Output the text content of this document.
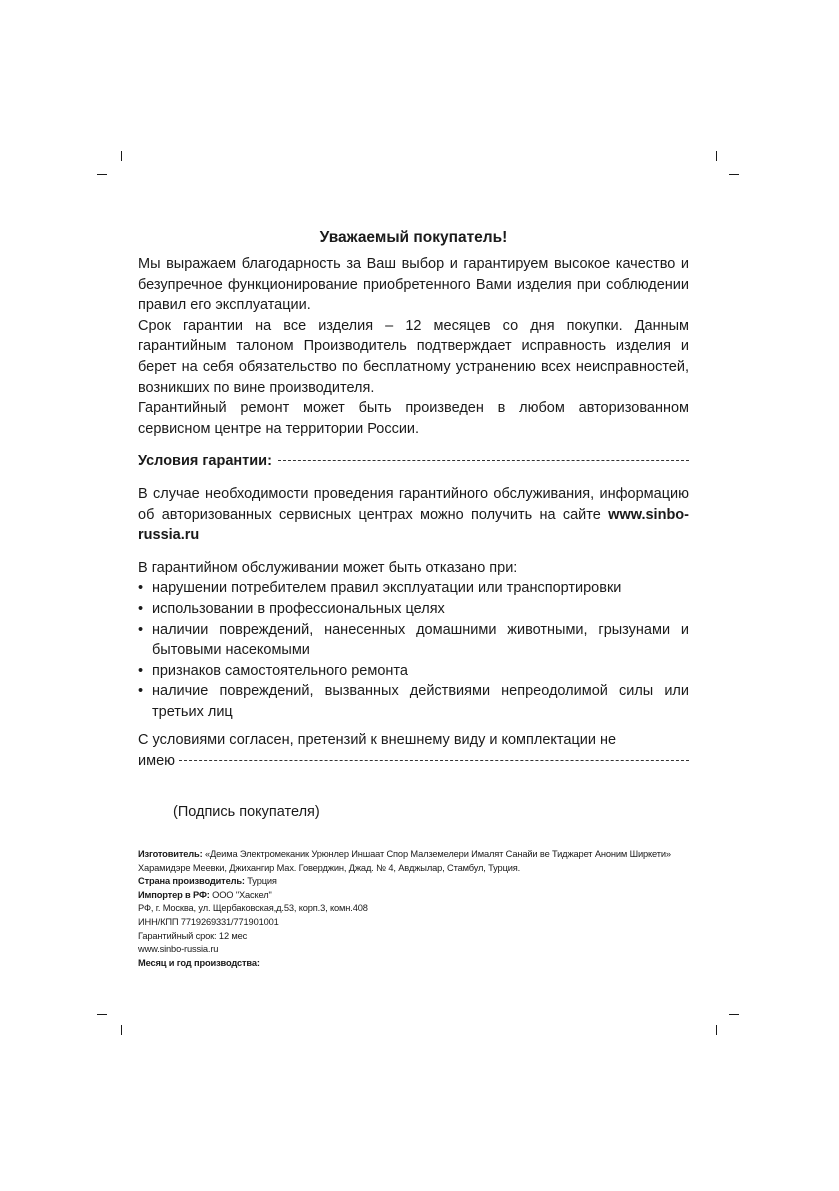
Уважаемый покупатель!

Мы выражаем благодарность за Ваш выбор и гарантируем высокое качество и безупречное функционирование приобретенного Вами изделия при соблюдении правил его эксплуатации.

Срок гарантии на все изделия – 12 месяцев со дня покупки. Данным гарантийным талоном Производитель подтверждает исправность изделия и берет на себя обязательство по бесплатному устранению всех неисправностей, возникших по вине производителя.

Гарантийный ремонт может быть произведен в любом авторизованном сервисном центре на территории России.

Условия гарантии:

В случае необходимости проведения гарантийного обслуживания, информацию об авторизованных сервисных центрах можно получить на сайте www.sinbo-russia.ru

В гарантийном обслуживании может быть отказано при:

• нарушении потребителем правил эксплуатации или транспортировки
• использовании в профессиональных целях
• наличии повреждений, нанесенных домашними животными, грызунами и бытовыми насекомыми
• признаков самостоятельного ремонта
• наличие повреждений, вызванных действиями непреодолимой силы или третьих лиц

С условиями согласен, претензий к внешнему виду и комплектации не

имею

(Подпись покупателя)

Изготовитель: «Деима Электромеканик Урюнлер Иншаат Спор Малземелери Ималят Санайи ве Тиджарет Аноним Ширкети» Харамидэре Меевки, Джихангир Мах. Говерджин, Джад. № 4, Авджылар, Стамбул, Турция.

Страна производитель: Турция

Импортер в РФ: ООО "Хаскел"

РФ, г. Москва, ул. Щербаковская,д.53, корп.3, комн.408

ИНН/КПП 7719269331/771901001

Гарантийный срок: 12 мес

www.sinbo-russia.ru

Месяц и год производства:
